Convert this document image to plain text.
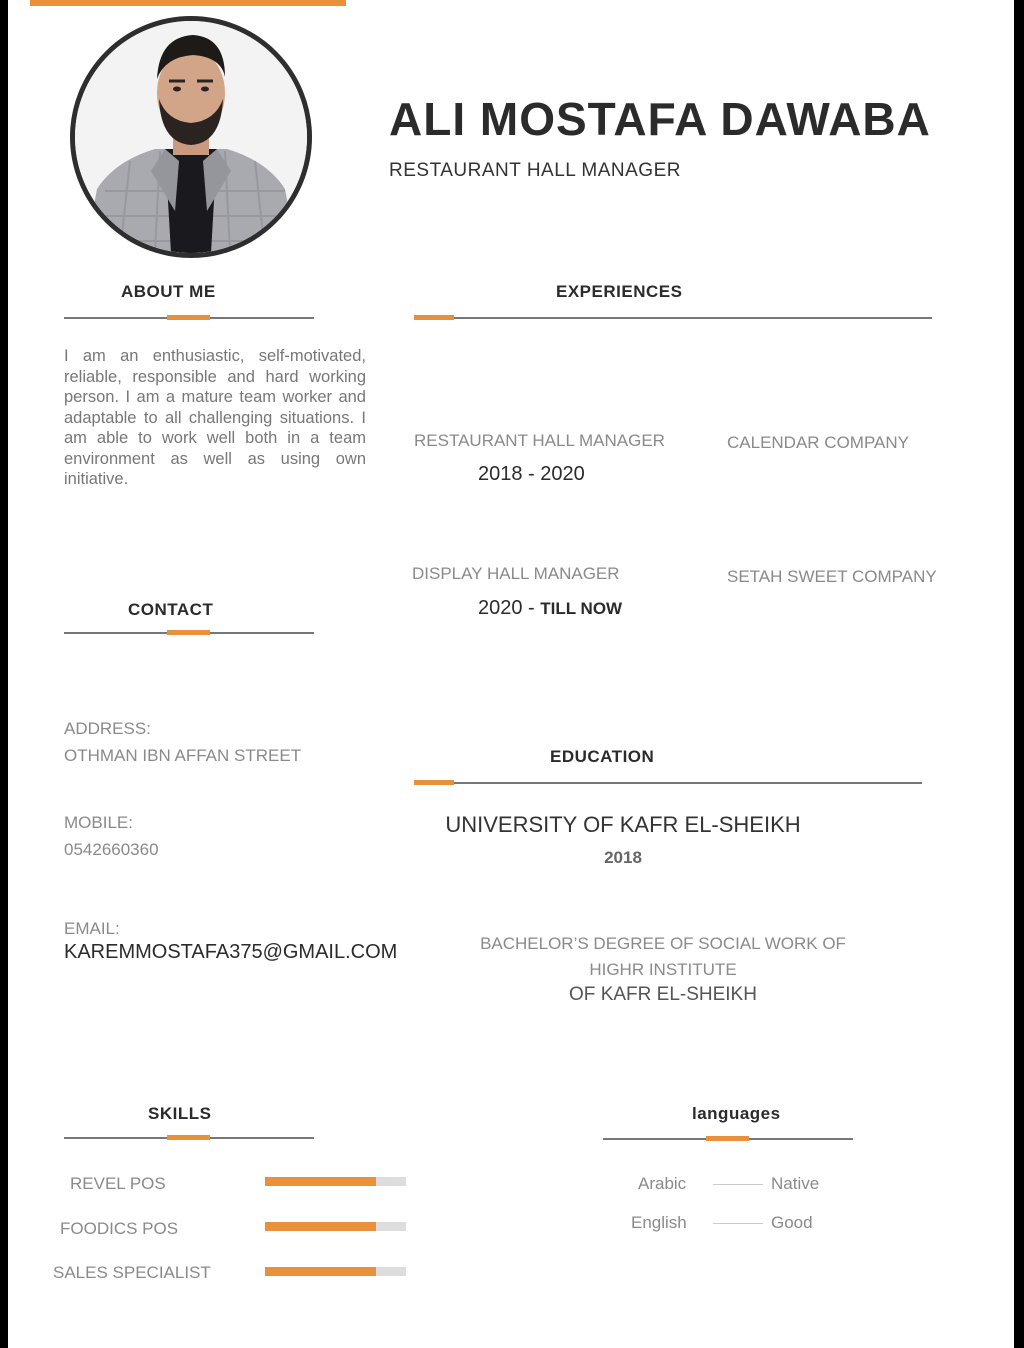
ALI MOSTAFA DAWABA
RESTAURANT HALL MANAGER
ABOUT ME
I am an enthusiastic, self-motivated, reliable, responsible and hard working person. I am a mature team worker and adaptable to all challenging situations. I am able to work well both in a team environment as well as using own initiative.
EXPERIENCES
RESTAURANT HALL MANAGER
2018 - 2020
CALENDAR COMPANY
DISPLAY HALL MANAGER
2020 - TILL NOW
SETAH SWEET COMPANY
CONTACT
ADDRESS:
OTHMAN IBN AFFAN STREET
MOBILE:
0542660360
EMAIL:
KAREMMOSTAFA375@GMAIL.COM
EDUCATION
UNIVERSITY OF KAFR EL-SHEIKH
2018
BACHELOR’S DEGREE OF SOCIAL WORK OF
HIGHR INSTITUTE
OF KAFR EL-SHEIKH
SKILLS
REVEL POS
FOODICS POS
SALES SPECIALIST
languages
Arabic	Native
English	Good
